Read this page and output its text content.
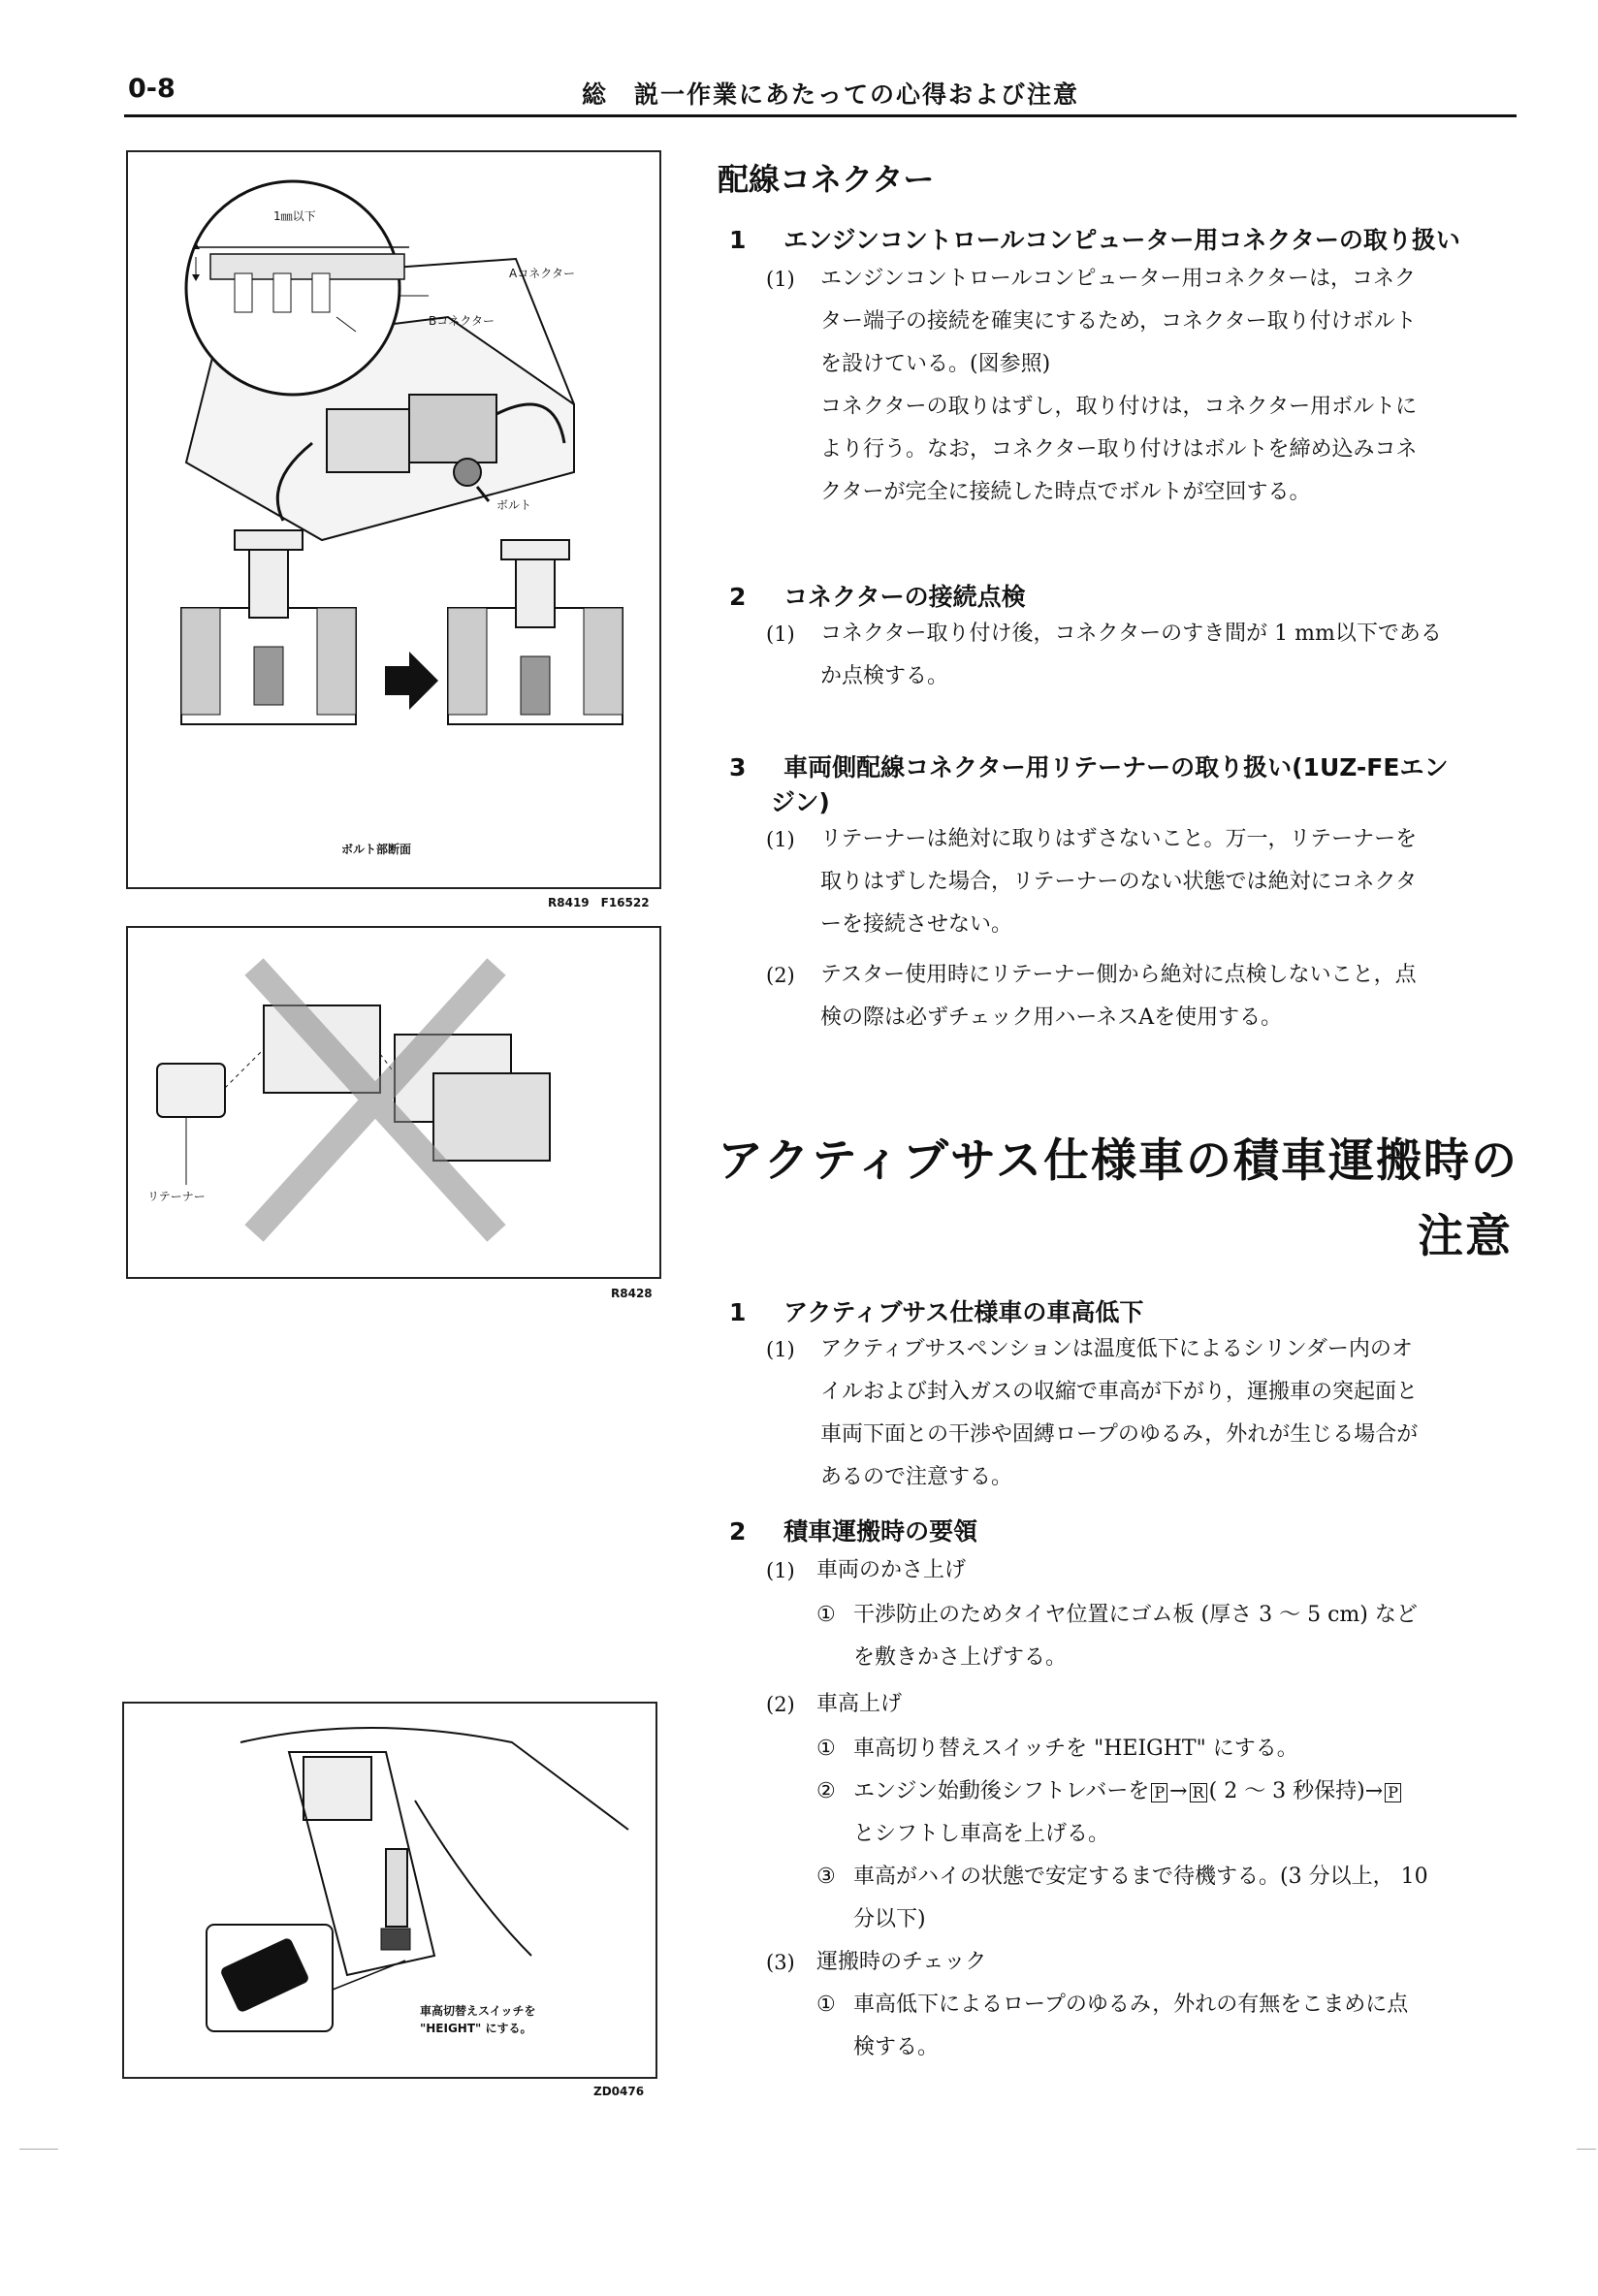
0-8	総　説一作業にあたっての心得および注意
1㎜以下
Aコネクター
Bコネクター
ボルト
ボルト部断面
R8419　F16522
リテーナー
R8428
車高切替えスイッチを
"HEIGHT" にする。
ZD0476
配線コネクター
1 エンジンコントロールコンピューター用コネクターの取り扱い
(1) エンジンコントロールコンピューター用コネクターは，コネク
ター端子の接続を確実にするため，コネクター取り付けボルト
を設けている。(図参照)
コネクターの取りはずし，取り付けは，コネクター用ボルトに
より行う。なお，コネクター取り付けはボルトを締め込みコネ
クターが完全に接続した時点でボルトが空回する。
2 コネクターの接続点検
(1) コネクター取り付け後，コネクターのすき間が 1 mm以下である
か点検する。
3 車両側配線コネクター用リテーナーの取り扱い(1UZ-FEエン
ジン)
(1) リテーナーは絶対に取りはずさないこと。万一，リテーナーを
取りはずした場合，リテーナーのない状態では絶対にコネクタ
ーを接続させない。
(2) テスター使用時にリテーナー側から絶対に点検しないこと，点
検の際は必ずチェック用ハーネスAを使用する。
アクティブサス仕様車の積車運搬時の
注意
1 アクティブサス仕様車の車高低下
(1) アクティブサスペンションは温度低下によるシリンダー内のオ
イルおよび封入ガスの収縮で車高が下がり，運搬車の突起面と
車両下面との干渉や固縛ロープのゆるみ，外れが生じる場合が
あるので注意する。
2 積車運搬時の要領
(1) 車両のかさ上げ
① 干渉防止のためタイヤ位置にゴム板 (厚さ 3 ～ 5 cm) など
を敷きかさ上げする。
(2) 車高上げ
① 車高切り替えスイッチを "HEIGHT" にする。
② エンジン始動後シフトレバーを P → R ( 2 ～ 3 秒保持)→ P
とシフトし車高を上げる。
③ 車高がハイの状態で安定するまで待機する。(3 分以上， 10
分以下)
(3) 運搬時のチェック
① 車高低下によるロープのゆるみ，外れの有無をこまめに点
検する。
